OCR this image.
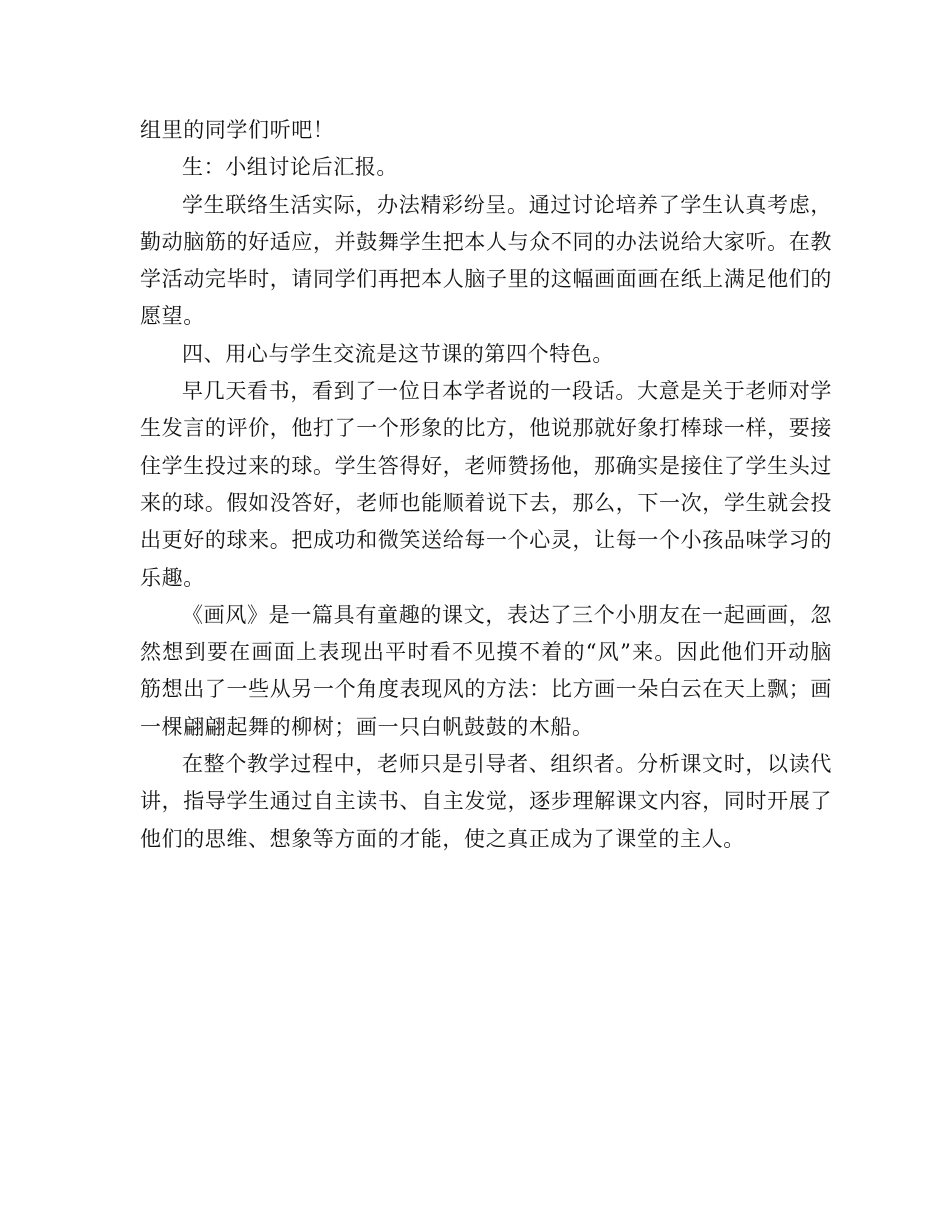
组里的同学们听吧！

生：小组讨论后汇报。

学生联络生活实际，办法精彩纷呈。通过讨论培养了学生认真考虑，勤动脑筋的好适应，并鼓舞学生把本人与众不同的办法说给大家听。在教学活动完毕时，请同学们再把本人脑子里的这幅画面画在纸上满足他们的愿望。

四、用心与学生交流是这节课的第四个特色。

早几天看书，看到了一位日本学者说的一段话。大意是关于老师对学生发言的评价，他打了一个形象的比方，他说那就好象打棒球一样，要接住学生投过来的球。学生答得好，老师赞扬他，那确实是接住了学生头过来的球。假如没答好，老师也能顺着说下去，那么，下一次，学生就会投出更好的球来。把成功和微笑送给每一个心灵，让每一个小孩品味学习的乐趣。

《画风》是一篇具有童趣的课文，表达了三个小朋友在一起画画，忽然想到要在画面上表现出平时看不见摸不着的“风”来。因此他们开动脑筋想出了一些从另一个角度表现风的方法：比方画一朵白云在天上飘；画一棵翩翩起舞的柳树；画一只白帆鼓鼓的木船。

在整个教学过程中，老师只是引导者、组织者。分析课文时，以读代讲，指导学生通过自主读书、自主发觉，逐步理解课文内容，同时开展了他们的思维、想象等方面的才能，使之真正成为了课堂的主人。
